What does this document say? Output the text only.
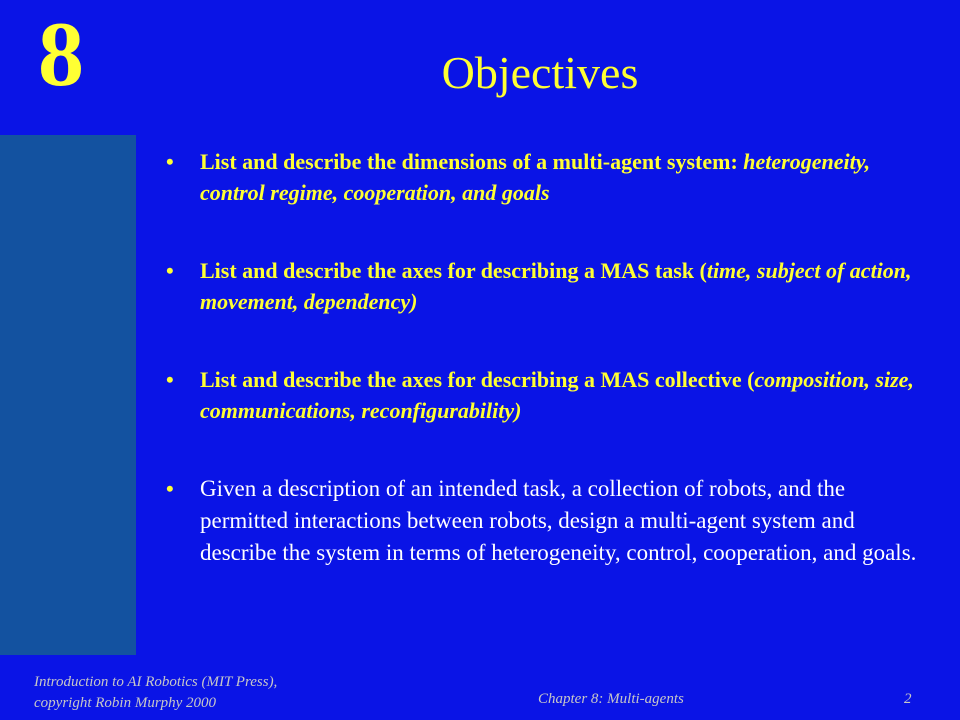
8	Objectives
• List and describe the dimensions of a multi-agent system: heterogeneity, control regime, cooperation, and goals
• List and describe the axes for describing a MAS task (time, subject of action, movement, dependency)
• List and describe the axes for describing a MAS collective (composition, size, communications, reconfigurability)
• Given a description of an intended task, a collection of robots, and the permitted interactions between robots, design a multi-agent system and describe the system in terms of heterogeneity, control, cooperation, and goals.
Introduction to AI Robotics (MIT Press),
copyright Robin Murphy 2000	Chapter 8: Multi-agents	2
